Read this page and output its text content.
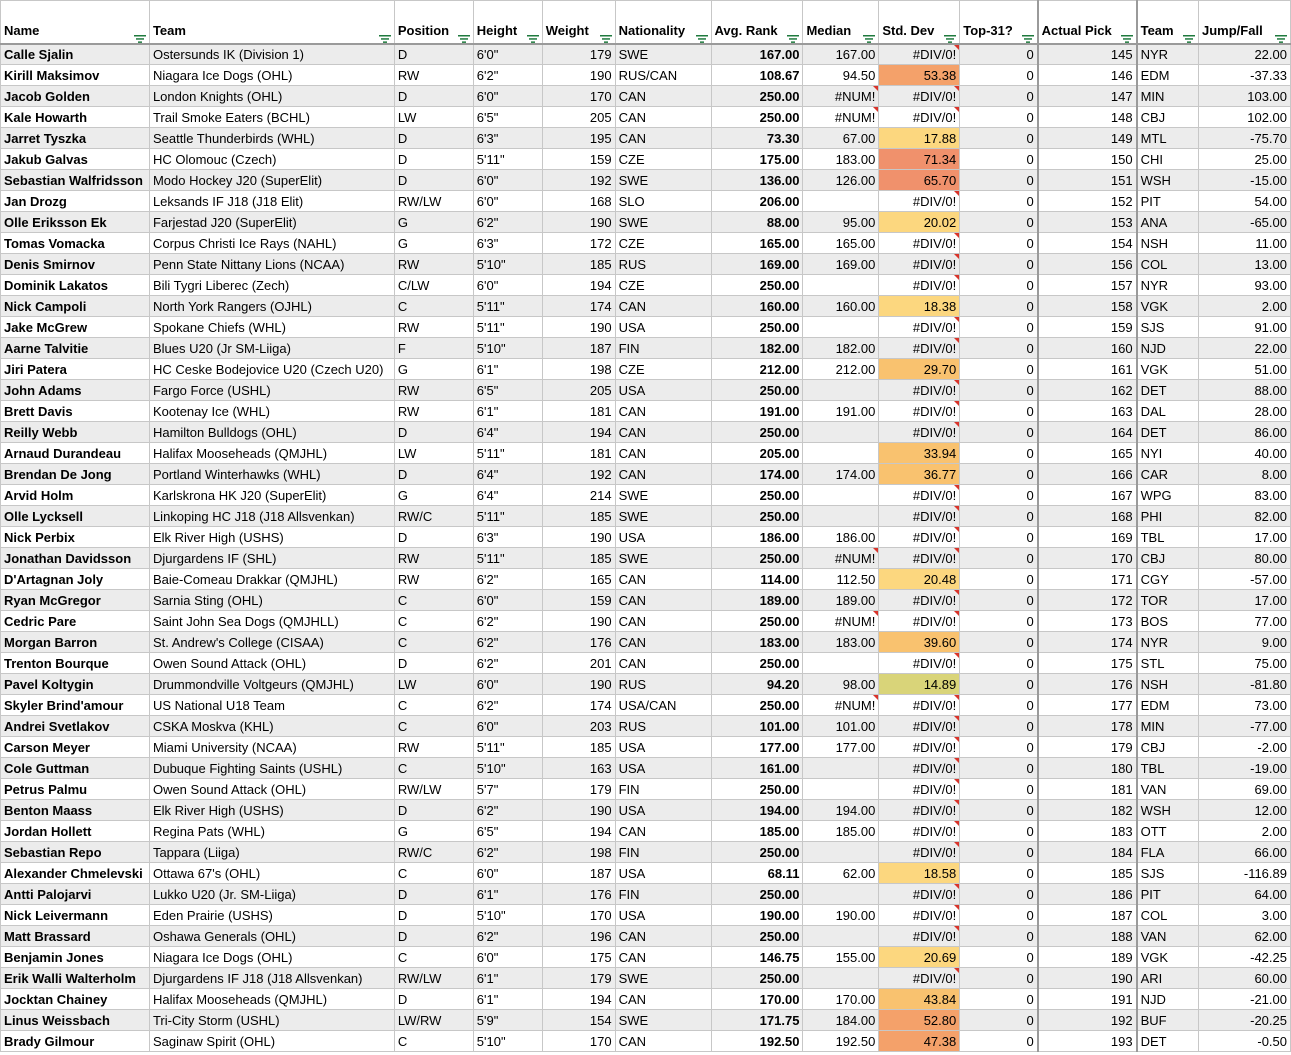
Name	Team	Position	Height	Weight	Nationality	Avg. Rank	Median	Std. Dev	Top-31?	Actual Pick	Team	Jump/Fall

Calle Sjalin	Ostersunds IK (Division 1)	D	6'0"	179	SWE	167.00	167.00	#DIV/0!	0	145	NYR	22.00
Kirill Maksimov	Niagara Ice Dogs (OHL)	RW	6'2"	190	RUS/CAN	108.67	94.50	53.38	0	146	EDM	-37.33
Jacob Golden	London Knights (OHL)	D	6'0"	170	CAN	250.00	#NUM!	#DIV/0!	0	147	MIN	103.00
Kale Howarth	Trail Smoke Eaters (BCHL)	LW	6'5"	205	CAN	250.00	#NUM!	#DIV/0!	0	148	CBJ	102.00
Jarret Tyszka	Seattle Thunderbirds (WHL)	D	6'3"	195	CAN	73.30	67.00	17.88	0	149	MTL	-75.70
Jakub Galvas	HC Olomouc (Czech)	D	5'11"	159	CZE	175.00	183.00	71.34	0	150	CHI	25.00
Sebastian Walfridsson	Modo Hockey J20 (SuperElit)	D	6'0"	192	SWE	136.00	126.00	65.70	0	151	WSH	-15.00
Jan Drozg	Leksands IF J18 (J18 Elit)	RW/LW	6'0"	168	SLO	206.00		#DIV/0!	0	152	PIT	54.00
Olle Eriksson Ek	Farjestad J20 (SuperElit)	G	6'2"	190	SWE	88.00	95.00	20.02	0	153	ANA	-65.00
Tomas Vomacka	Corpus Christi Ice Rays (NAHL)	G	6'3"	172	CZE	165.00	165.00	#DIV/0!	0	154	NSH	11.00
Denis Smirnov	Penn State Nittany Lions (NCAA)	RW	5'10"	185	RUS	169.00	169.00	#DIV/0!	0	156	COL	13.00
Dominik Lakatos	Bili Tygri Liberec (Zech)	C/LW	6'0"	194	CZE	250.00		#DIV/0!	0	157	NYR	93.00
Nick Campoli	North York Rangers (OJHL)	C	5'11"	174	CAN	160.00	160.00	18.38	0	158	VGK	2.00
Jake McGrew	Spokane Chiefs (WHL)	RW	5'11"	190	USA	250.00		#DIV/0!	0	159	SJS	91.00
Aarne Talvitie	Blues U20 (Jr SM-Liiga)	F	5'10"	187	FIN	182.00	182.00	#DIV/0!	0	160	NJD	22.00
Jiri Patera	HC Ceske Bodejovice U20 (Czech U20)	G	6'1"	198	CZE	212.00	212.00	29.70	0	161	VGK	51.00
John Adams	Fargo Force (USHL)	RW	6'5"	205	USA	250.00		#DIV/0!	0	162	DET	88.00
Brett Davis	Kootenay Ice (WHL)	RW	6'1"	181	CAN	191.00	191.00	#DIV/0!	0	163	DAL	28.00
Reilly Webb	Hamilton Bulldogs (OHL)	D	6'4"	194	CAN	250.00		#DIV/0!	0	164	DET	86.00
Arnaud Durandeau	Halifax Mooseheads (QMJHL)	LW	5'11"	181	CAN	205.00		33.94	0	165	NYI	40.00
Brendan De Jong	Portland Winterhawks (WHL)	D	6'4"	192	CAN	174.00	174.00	36.77	0	166	CAR	8.00
Arvid Holm	Karlskrona HK J20 (SuperElit)	G	6'4"	214	SWE	250.00		#DIV/0!	0	167	WPG	83.00
Olle Lycksell	Linkoping HC J18 (J18 Allsvenkan)	RW/C	5'11"	185	SWE	250.00		#DIV/0!	0	168	PHI	82.00
Nick Perbix	Elk River High (USHS)	D	6'3"	190	USA	186.00	186.00	#DIV/0!	0	169	TBL	17.00
Jonathan Davidsson	Djurgardens IF (SHL)	RW	5'11"	185	SWE	250.00	#NUM!	#DIV/0!	0	170	CBJ	80.00
D'Artagnan Joly	Baie-Comeau Drakkar (QMJHL)	RW	6'2"	165	CAN	114.00	112.50	20.48	0	171	CGY	-57.00
Ryan McGregor	Sarnia Sting (OHL)	C	6'0"	159	CAN	189.00	189.00	#DIV/0!	0	172	TOR	17.00
Cedric Pare	Saint John Sea Dogs (QMJHLL)	C	6'2"	190	CAN	250.00	#NUM!	#DIV/0!	0	173	BOS	77.00
Morgan Barron	St. Andrew's College (CISAA)	C	6'2"	176	CAN	183.00	183.00	39.60	0	174	NYR	9.00
Trenton Bourque	Owen Sound Attack (OHL)	D	6'2"	201	CAN	250.00		#DIV/0!	0	175	STL	75.00
Pavel Koltygin	Drummondville Voltgeurs (QMJHL)	LW	6'0"	190	RUS	94.20	98.00	14.89	0	176	NSH	-81.80
Skyler Brind'amour	US National U18 Team	C	6'2"	174	USA/CAN	250.00	#NUM!	#DIV/0!	0	177	EDM	73.00
Andrei Svetlakov	CSKA Moskva (KHL)	C	6'0"	203	RUS	101.00	101.00	#DIV/0!	0	178	MIN	-77.00
Carson Meyer	Miami University (NCAA)	RW	5'11"	185	USA	177.00	177.00	#DIV/0!	0	179	CBJ	-2.00
Cole Guttman	Dubuque Fighting Saints (USHL)	C	5'10"	163	USA	161.00		#DIV/0!	0	180	TBL	-19.00
Petrus Palmu	Owen Sound Attack (OHL)	RW/LW	5'7"	179	FIN	250.00		#DIV/0!	0	181	VAN	69.00
Benton Maass	Elk River High (USHS)	D	6'2"	190	USA	194.00	194.00	#DIV/0!	0	182	WSH	12.00
Jordan Hollett	Regina Pats (WHL)	G	6'5"	194	CAN	185.00	185.00	#DIV/0!	0	183	OTT	2.00
Sebastian Repo	Tappara (Liiga)	RW/C	6'2"	198	FIN	250.00		#DIV/0!	0	184	FLA	66.00
Alexander Chmelevski	Ottawa 67's (OHL)	C	6'0"	187	USA	68.11	62.00	18.58	0	185	SJS	-116.89
Antti Palojarvi	Lukko U20 (Jr. SM-Liiga)	D	6'1"	176	FIN	250.00		#DIV/0!	0	186	PIT	64.00
Nick Leivermann	Eden Prairie (USHS)	D	5'10"	170	USA	190.00	190.00	#DIV/0!	0	187	COL	3.00
Matt Brassard	Oshawa Generals (OHL)	D	6'2"	196	CAN	250.00		#DIV/0!	0	188	VAN	62.00
Benjamin Jones	Niagara Ice Dogs (OHL)	C	6'0"	175	CAN	146.75	155.00	20.69	0	189	VGK	-42.25
Erik Walli Walterholm	Djurgardens IF J18 (J18 Allsvenkan)	RW/LW	6'1"	179	SWE	250.00		#DIV/0!	0	190	ARI	60.00
Jocktan Chainey	Halifax Mooseheads (QMJHL)	D	6'1"	194	CAN	170.00	170.00	43.84	0	191	NJD	-21.00
Linus Weissbach	Tri-City Storm (USHL)	LW/RW	5'9"	154	SWE	171.75	184.00	52.80	0	192	BUF	-20.25
Brady Gilmour	Saginaw Spirit (OHL)	C	5'10"	170	CAN	192.50	192.50	47.38	0	193	DET	-0.50
